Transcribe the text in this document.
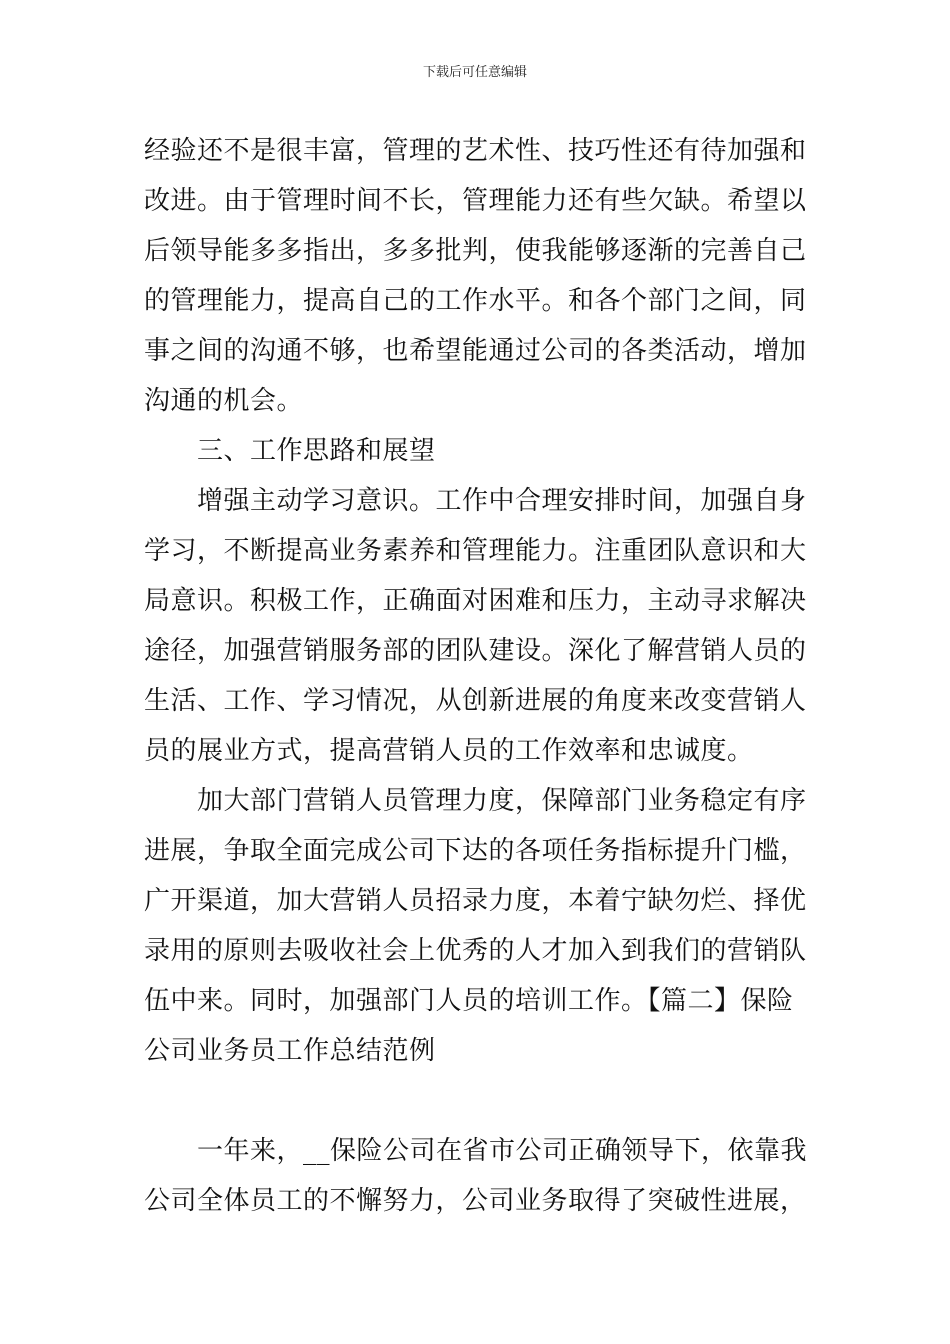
下载后可任意编辑
经验还不是很丰富，管理的艺术性、技巧性还有待加强和
改进。由于管理时间不长，管理能力还有些欠缺。希望以
后领导能多多指出，多多批判，使我能够逐渐的完善自己
的管理能力，提高自己的工作水平。和各个部门之间，同
事之间的沟通不够，也希望能通过公司的各类活动，增加
沟通的机会。
三、工作思路和展望
增强主动学习意识。工作中合理安排时间，加强自身
学习，不断提高业务素养和管理能力。注重团队意识和大
局意识。积极工作，正确面对困难和压力，主动寻求解决
途径，加强营销服务部的团队建设。深化了解营销人员的
生活、工作、学习情况，从创新进展的角度来改变营销人
员的展业方式，提高营销人员的工作效率和忠诚度。
加大部门营销人员管理力度，保障部门业务稳定有序
进展，争取全面完成公司下达的各项任务指标提升门槛，
广开渠道，加大营销人员招录力度，本着宁缺勿烂、择优
录用的原则去吸收社会上优秀的人才加入到我们的营销队
伍中来。同时，加强部门人员的培训工作。【篇二】保险
公司业务员工作总结范例
一年来，__保险公司在省市公司正确领导下，依靠我
公司全体员工的不懈努力，公司业务取得了突破性进展，
